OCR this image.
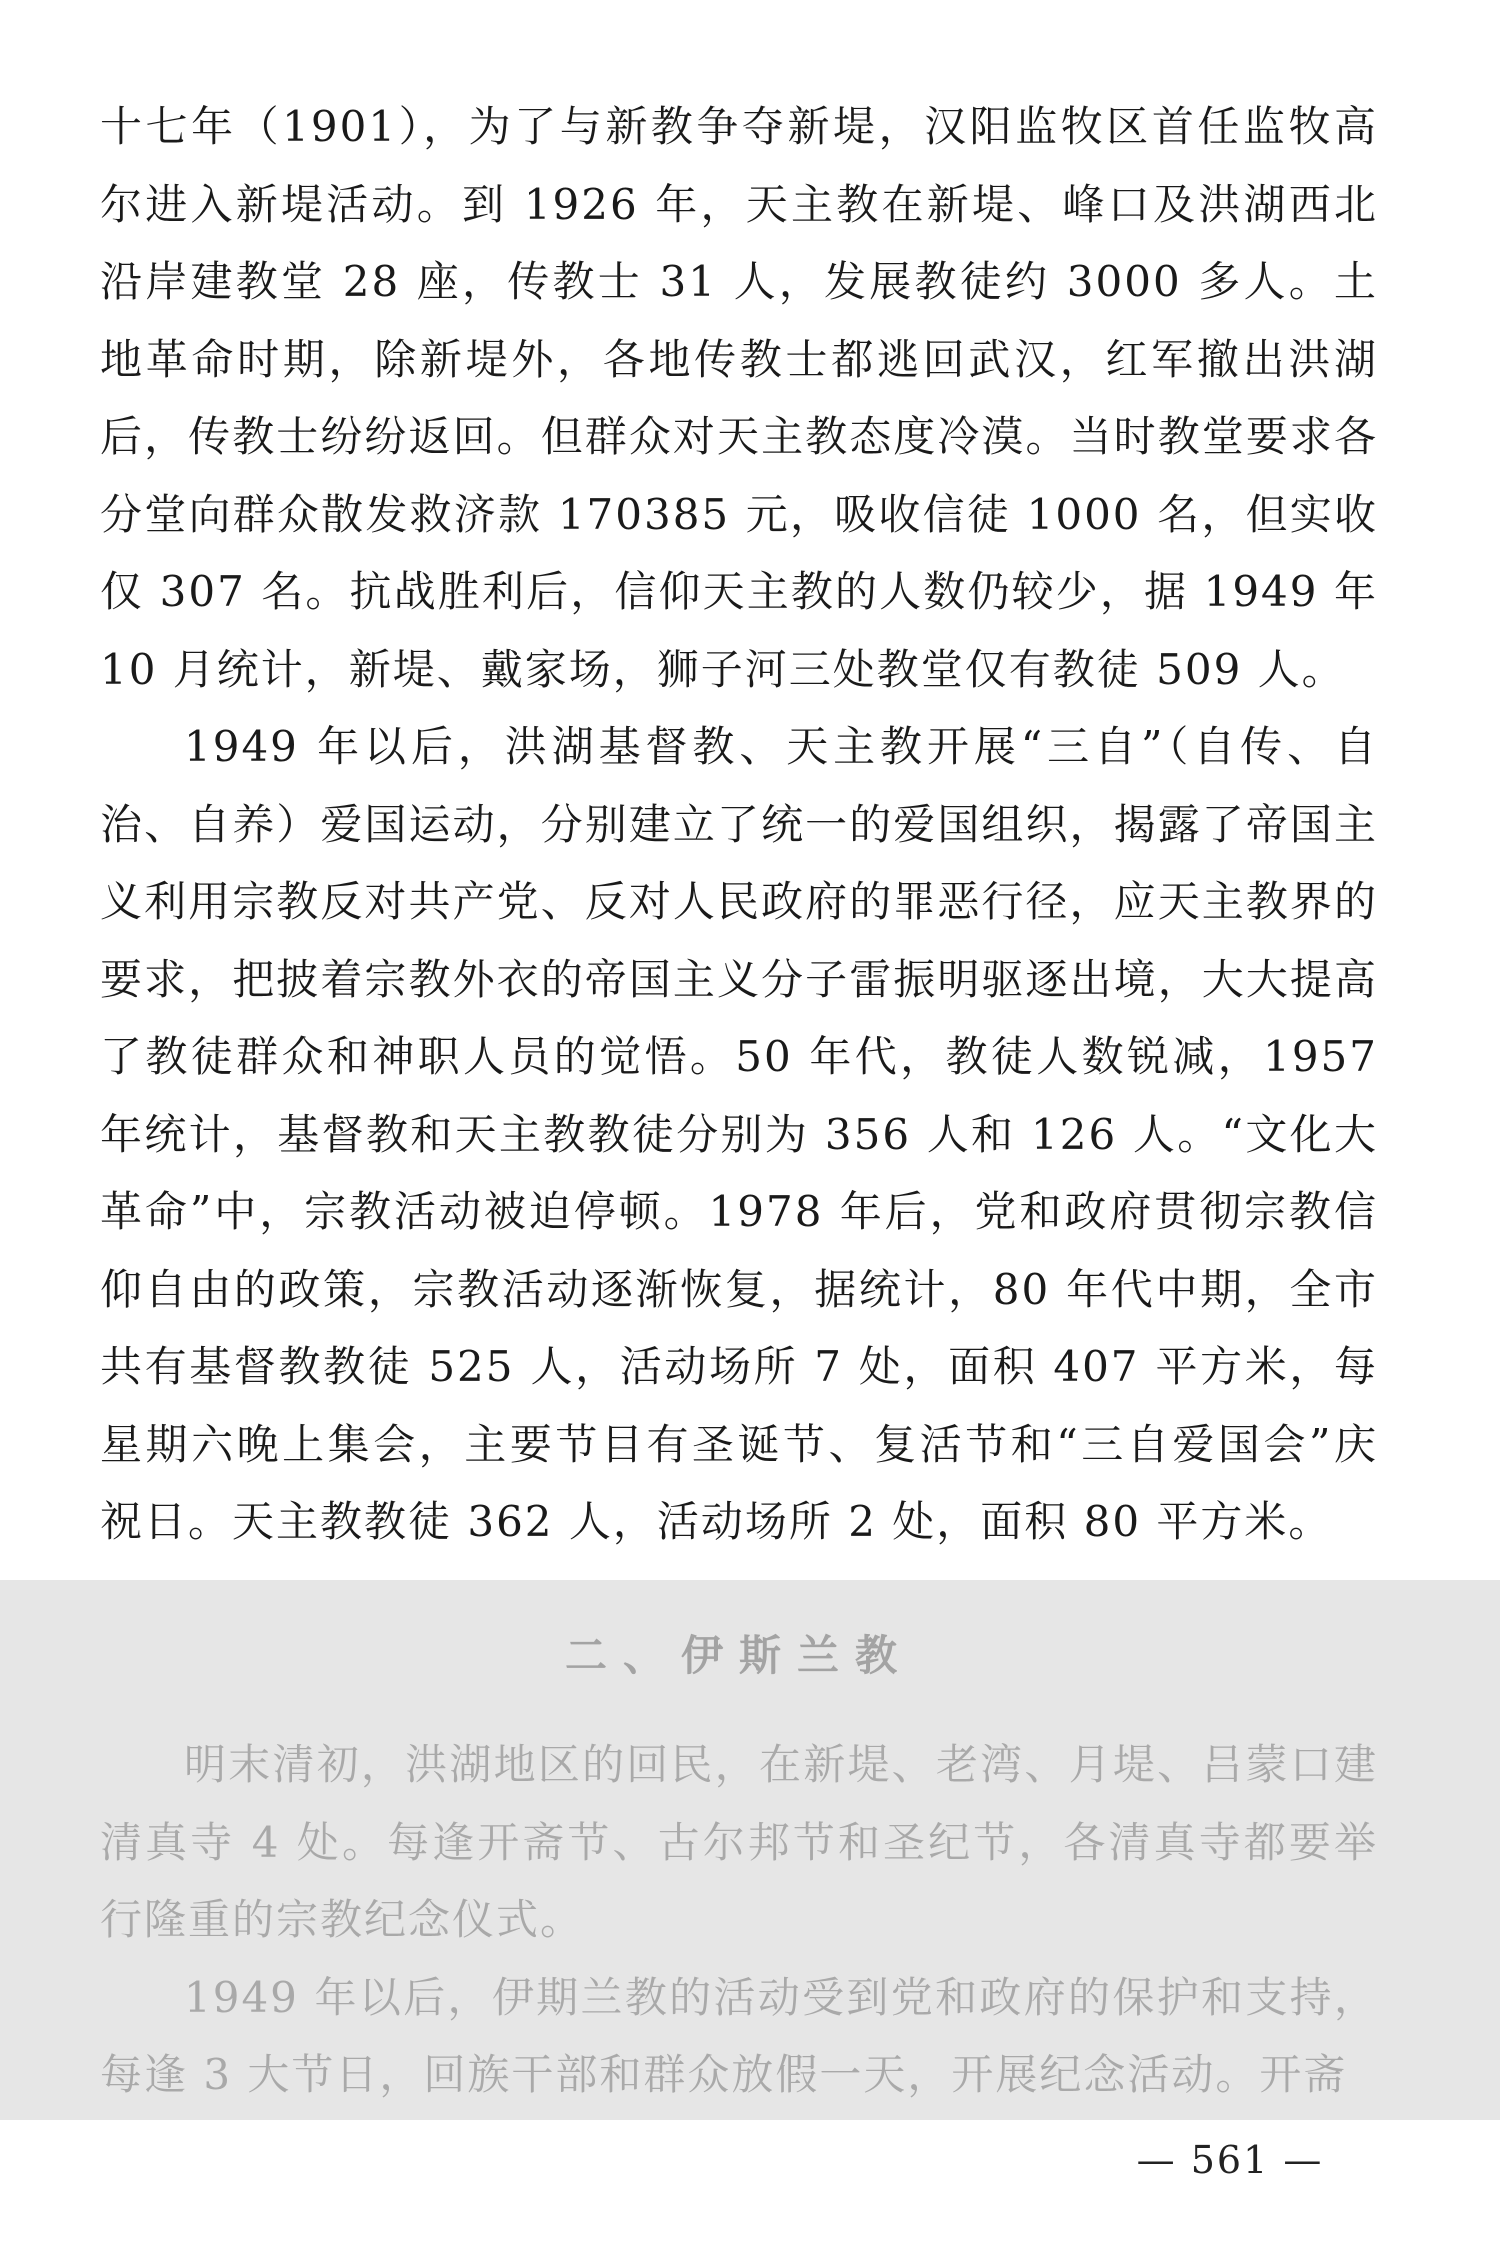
十七年（1901），为了与新教争夺新堤，汉阳监牧区首任监牧高尔进入新堤活动。到 1926 年，天主教在新堤、峰口及洪湖西北沿岸建教堂 28 座，传教士 31 人，发展教徒约 3000 多人。土地革命时期，除新堤外，各地传教士都逃回武汉，红军撤出洪湖后，传教士纷纷返回。但群众对天主教态度冷漠。当时教堂要求各分堂向群众散发救济款 170385 元，吸收信徒 1000 名，但实收仅 307 名。抗战胜利后，信仰天主教的人数仍较少，据 1949 年 10 月统计，新堤、戴家场，狮子河三处教堂仅有教徒 509 人。

1949 年以后，洪湖基督教、天主教开展“三自”（自传、自治、自养）爱国运动，分别建立了统一的爱国组织，揭露了帝国主义利用宗教反对共产党、反对人民政府的罪恶行径，应天主教界的要求，把披着宗教外衣的帝国主义分子雷振明驱逐出境，大大提高了教徒群众和神职人员的觉悟。50 年代，教徒人数锐减，1957 年统计，基督教和天主教教徒分别为 356 人和 126 人。“文化大革命”中，宗教活动被迫停顿。1978 年后，党和政府贯彻宗教信仰自由的政策，宗教活动逐渐恢复，据统计，80 年代中期，全市共有基督教教徒 525 人，活动场所 7 处，面积 407 平方米，每星期六晚上集会，主要节目有圣诞节、复活节和“三自爱国会”庆祝日。天主教教徒 362 人，活动场所 2 处，面积 80 平方米。

二、伊斯兰教

明末清初，洪湖地区的回民，在新堤、老湾、月堤、吕蒙口建清真寺 4 处。每逢开斋节、古尔邦节和圣纪节，各清真寺都要举行隆重的宗教纪念仪式。

1949 年以后，伊期兰教的活动受到党和政府的保护和支持，每逢 3 大节日，回族干部和群众放假一天，开展纪念活动。开斋

— 561 —
